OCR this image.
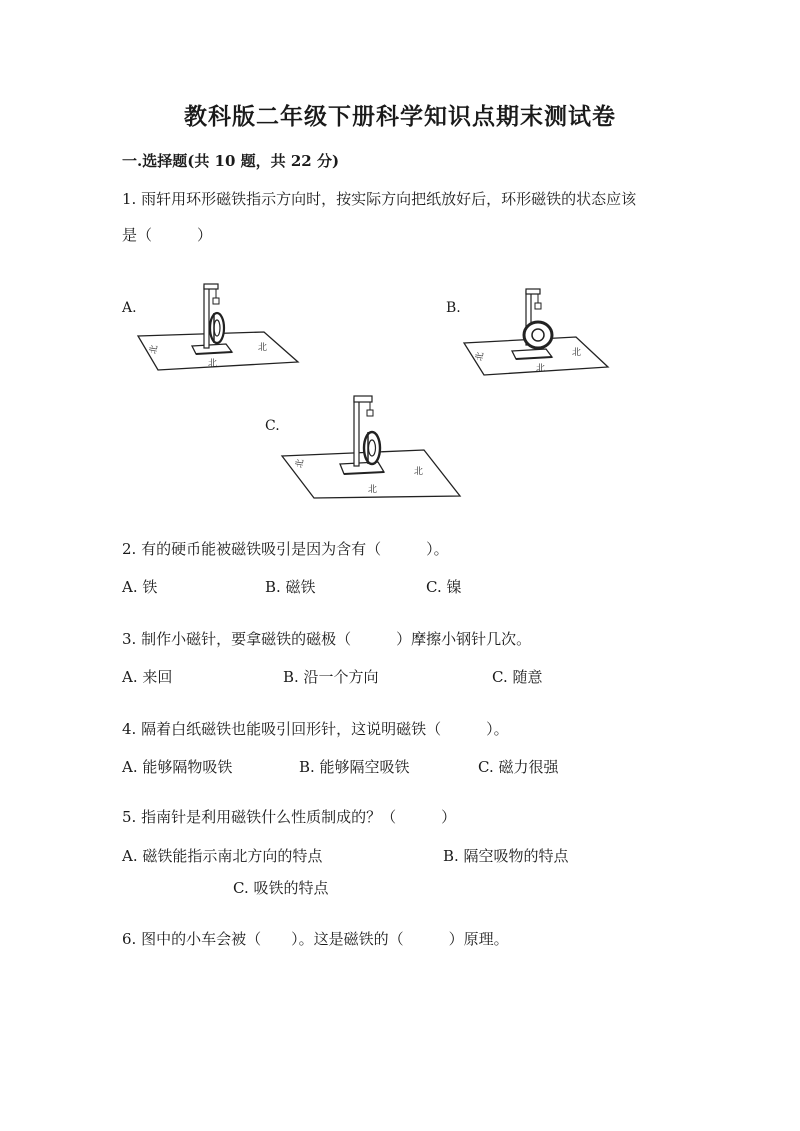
教科版二年级下册科学知识点期末测试卷
一.选择题(共 10 题，共 22 分)
1. 雨轩用环形磁铁指示方向时，按实际方向把纸放好后，环形磁铁的状态应该
是（　　　）
A.	B.
C.
北	北
北
北	北
北
北
北
北
2. 有的硬币能被磁铁吸引是因为含有（　　　）。
A. 铁	B. 磁铁	C. 镍
3. 制作小磁针，要拿磁铁的磁极（　　　）摩擦小钢针几次。
A. 来回	B. 沿一个方向	C. 随意
4. 隔着白纸磁铁也能吸引回形针，这说明磁铁（　　　）。
A. 能够隔物吸铁	B. 能够隔空吸铁	C. 磁力很强
5. 指南针是利用磁铁什么性质制成的？（　　　）
A. 磁铁能指示南北方向的特点	B. 隔空吸物的特点
C. 吸铁的特点
6. 图中的小车会被（　　）。这是磁铁的（　　　）原理。
